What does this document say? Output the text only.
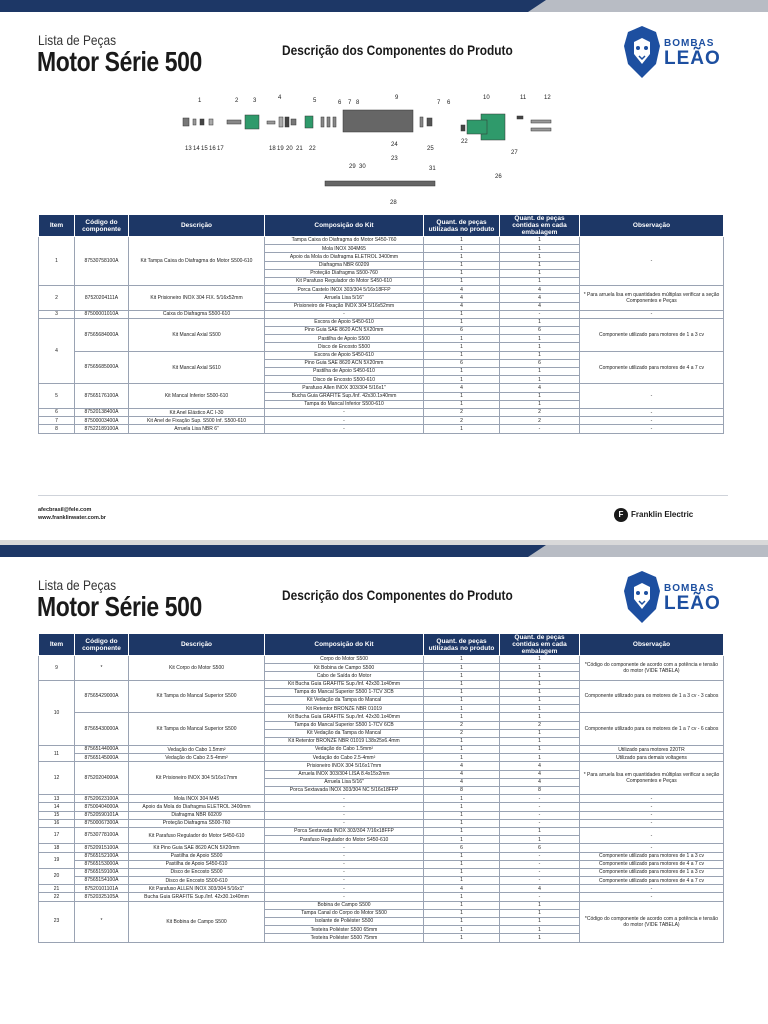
Lista de Peças
Motor Série 500	Descrição dos Componentes do Produto	BOMBAS
LEÃO
1	2 3	4	5	6 7 8
9
7 6
10	11	12
13 14 15 16 17	18 19 20 21 22
24
23
25
22
27
26
29 30	31
28
Item	Código do componente	Descrição	Composição do Kit	Quant. de peças utilizadas no produto	Quant. de peças contidas em cada embalagem	Observação
1	87530758100A	Kit Tampa Caixa do Diafragma do Motor S500-610	Tampa Caixa do Diafragma do Motor S450-760	1	1	-
			Mola INOX 304M65	1	1	
			Apoio da Mola do Diafragma ELETROL 3400mm	1	1	
			Diafragma NBR 60209	1	1	
			Proteção Diafragma S500-760	1	1	
			Kit Parafuso Regulador do Motor S450-610	1	1	
2	87520204111A	Kit Prisioneiro INOX 304 FIX. 5/16x52mm	Porca Castelo INOX 303/304 5/16x18FFP	4	4	* Para arruela lisa em quantidades múltiplas verificar a seção Componentes e Peças
			Arruela Lisa 5/16"	4	4	
			Prisioneiro de Fixação INOX 304 5/16x52mm	4	4	
3	87500001010A	Caixa do Diafragma S500-610	-	1	-	-
4	87565684000A	Kit Mancal Axial S500	Escora de Apoio S450-610	1	1	Componente utilizado para motores de 1 a 3 cv
			Pino Guia SAE 8620 ACN 5X20mm	6	6	
			Pastilha de Apoio S500	1	1	
			Disco de Encosto S500	1	1	
	87565685000A	Kit Mancal Axial S610	Escora de Apoio S450-610	1	1	Componente utilizado para motores de 4 a 7 cv
			Pino Guia SAE 8620 ACN 5X20mm	6	6	
			Pastilha de Apoio S450-610	1	1	
			Disco de Encosto S500-610	1	1	
5	87565176100A	Kit Mancal Inferior S500-610	Parafuso Allen INOX 303/304 5/16x1"	4	4	-
			Bucha Guia GRAFITE Sup./Inf. 42x30.1x40mm	1	1	
			Tampa do Mancal Inferior S500-610	1	1	
6	87520138400A	Kit Anel Elástico AC I-30	-	2	2	-
7	87500003400A	Kit Anel de Fixação Sup. S500 Inf. S500-610	-	2	2	-
8	87522189100A	Arruela Lisa NBR 6"	-	1	-	-
afecbrasil@fele.com
www.franklinwater.com.br	F Franklin Electric
Lista de Peças
Motor Série 500	Descrição dos Componentes do Produto	BOMBAS
LEÃO
Item	Código do componente	Descrição	Composição do Kit	Quant. de peças utilizadas no produto	Quant. de peças contidas em cada embalagem	Observação
9	*	Kit Corpo do Motor S500	Corpo do Motor S500	1	1	*Código do componente de acordo com a potência e tensão do motor (VIDE TABELA)
			Kit Bobina de Campo S500	1	1	
			Cabo de Saída do Motor	1	1	
10	87565429000A	Kit Tampa do Mancal Superior S500	Kit Bucha Guia GRAFITE Sup./Inf. 42x30.1x40mm	1	1	Componente utilizado para os motores de 1 a 3 cv - 3 cabos
			Tampa do Mancal Superior S500 1-7CV 3CB	1	1	
			Kit Vedação da Tampa do Mancal	1	1	
			Kit Retentor BRONZE NBR 01019	1	1	
	87565430000A	Kit Tampa do Mancal Superior S500	Kit Bucha Guia GRAFITE Sup./Inf. 42x30.1x40mm	1	1	Componente utilizado para os motores de 1 a 7 cv - 6 cabos
			Tampa do Mancal Superior S500 1-7CV 6CB	2	2	
			Kit Vedação da Tampa do Mancal	2	1	
			Kit Retentor BRONZE NBR 01019 L38x25x6.4mm	1	1	
11	87565144000A	Vedação do Cabo 1.5mm²	Vedação do Cabo 1.5mm²	1	1	Utilizado para motores 220TR
	87565145000A	Vedação do Cabo 2.5-4mm²	Vedação do Cabo 2.5-4mm²	1	1	Utilizado para demais voltagens
12	87520204000A	Kit Prisioneiro INOX 304 5/16x17mm	Prisioneiro INOX 304 5/16x17mm	4	4	* Para arruela lisa em quantidades múltiplas verificar a seção Componentes e Peças
			Arruela INOX 303/304 LISA 8.4x15x2mm	4	4	
			Arruela Lisa 5/16"	4	4	
			Porca Sextavada INOX 303/304 NC 5/16x18FFP	8	8	
13	87520623100A	Mola INOX 304 M45	-	1	-	-
14	87500404000A	Apoio da Mola do Diafragma ELETROL 3400mm	-	1	-	-
15	87520590101A	Diafragma NBR 60209	-	1	-	-
16	87500067300A	Proteção Diafragma S500-760	-	1	-	-
17	87530778100A	Kit Parafuso Regulador do Motor S450-610	Porca Sextavada INOX 303/304 7/16x18FFP	1	1	-
			Parafuso Regulador do Motor S450-610	1	1	
18	87520915100A	Kit Pino Guia SAE 8620 ACN 5X20mm	-	6	6	-
19	87565152100A	Pastilha de Apoio S500	-	1	-	Componente utilizado para motores de 1 a 3 cv
	87565153000A	Pastilha de Apoio S450-610	-	1	-	Componente utilizado para motores de 4 a 7 cv
20	87565159100A	Disco de Encosto S500	-	1	-	Componente utilizado para motores de 1 a 3 cv
	87565154100A	Disco de Encosto S500-610	-	1	-	Componente utilizado para motores de 4 a 7 cv
21	87520101101A	Kit Parafuso ALLEN INOX 303/304 5/16x1"	-	4	4	-
22	87520325105A	Bucha Guia GRAFITE Sup./Inf. 42x30.1x40mm	-	1	-	-
23	*	Kit Bobina de Campo S500	Bobina de Campo S500	1	1	*Código do componente de acordo com a potência e tensão do motor (VIDE TABELA)
			Tampa Canal do Corpo do Motor S500	1	1	
			Isolante de Poliéster S500	1	1	
			Testeira Poliéster S500 65mm	1	1	
			Testeira Poliéster S500 75mm	1	1	
